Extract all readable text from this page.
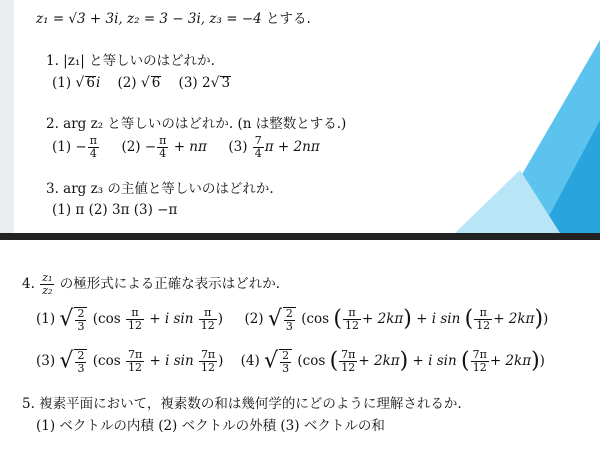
z₁ = √3 + 3i, z₂ = 3 − 3i, z₃ = −4 とする.
1. |z₁| と等しいのはどれか.
(1) √ 6i (2) √ 6 (3) 2√ 3
2. arg z₂ と等しいのはどれか. (n は整数とする.)
$(1) - \frac{\pi}{4} (2) - \frac{\pi}{4} + n\pi$ $(3) \frac{7}{4}$ π + 2nπ
3. arg z₃ の主値と等しいのはどれか.
(1) π (2) 3π (3) −π
4. $\frac{\text{z₁}}{\text{z₂}}$ の極形式による正確な表示はどれか.
(1) √ $\frac{2}{3} (\cos \frac{\pi}{12} + i$ $\sin \frac{\pi}{12}$ ) (2) √ $\frac{2}{3} (\cos$ ( $\frac{\pi}{12} + 2k\pi) + i$ sin ( $\frac{\pi}{12} + 2k\pi$))
(3) √ $\frac{2}{3} (\cos \frac{7\pi}{12} + i$ $\sin \frac{7\pi}{12}$ ) (4) √ $\frac{2}{3} (\cos$ ( $\frac{7\pi}{12} + 2k\pi) + i$ sin ( $\frac{7\pi}{12} + 2k\pi$))
5. 複素平面において，複素数の和は幾何学的にどのように理解されるか.
(1) ベクトルの内積 (2) ベクトルの外積 (3) ベクトルの和
